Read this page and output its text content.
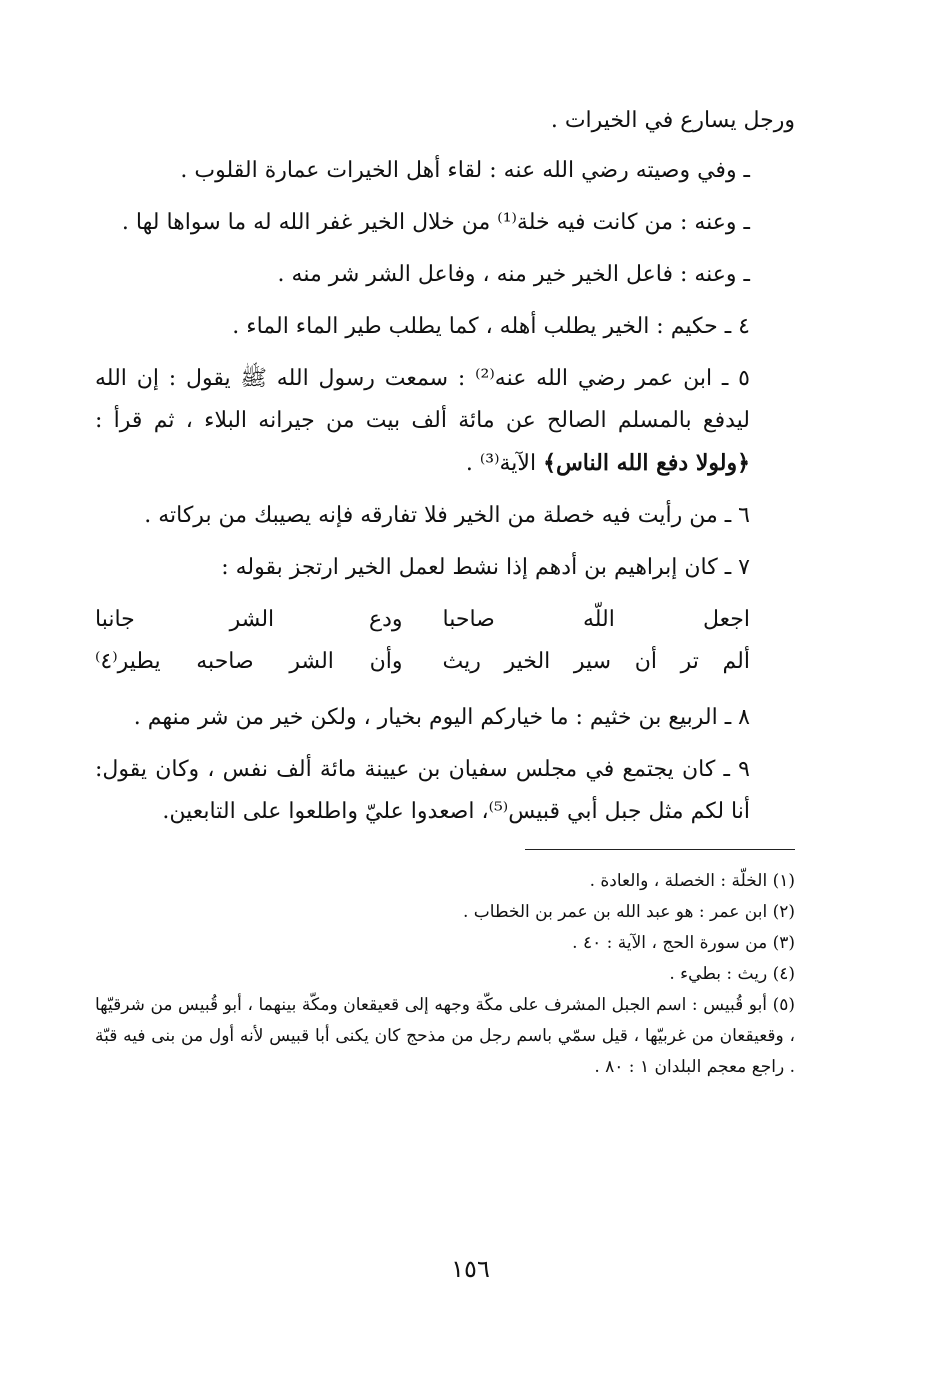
ورجل يسارع في الخيرات .

ـ وفي وصيته رضي الله عنه : لقاء أهل الخيرات عمارة القلوب .

ـ وعنه : من كانت فيه خلة⁽¹⁾ من خلال الخير غفر الله له ما سواها لها .

ـ وعنه : فاعل الخير خير منه ، وفاعل الشر شر منه .

٤ ـ حكيم : الخير يطلب أهله ، كما يطلب طير الماء الماء .

٥ ـ ابن عمر رضي الله عنه⁽²⁾ : سمعت رسول الله ﷺ يقول : إن الله ليدفع بالمسلم الصالح عن مائة ألف بيت من جيرانه البلاء ، ثم قرأ : ﴿ولولا دفع الله الناس﴾ الآية⁽³⁾ .

٦ ـ من رأيت فيه خصلة من الخير فلا تفارقه فإنه يصيبك من بركاته .

٧ ـ كان إبراهيم بن أدهم إذا نشط لعمل الخير ارتجز بقوله :

اجعل اللّه صاحبا
ودع الشر جانبا
ألم تر أن سير الخير ريث
وأن الشر صاحبه يطير⁽٤⁾

٨ ـ الربيع بن خثيم : ما خياركم اليوم بخيار ، ولكن خير من شر منهم .

٩ ـ كان يجتمع في مجلس سفيان بن عيينة مائة ألف نفس ، وكان يقول: أنا لكم مثل جبل أبي قبيس⁽⁵⁾، اصعدوا عليّ واطلعوا على التابعين.

(١) الخلّة : الخصلة ، والعادة .

(٢) ابن عمر : هو عبد الله بن عمر بن الخطاب .

(٣) من سورة الحج ، الآية : ٤٠ .

(٤) ريث : بطيء .

(٥) أبو قُبيس : اسم الجبل المشرف على مكّة وجهه إلى قعيقعان ومكّة بينهما ، أبو قُبيس من شرقيّها ، وقعيقعان من غربيّها ، قيل سمّي باسم رجل من مذحج كان يكنى أبا قبيس لأنه أول من بنى فيه قبّة . راجع معجم البلدان ١ : ٨٠ .

١٥٦
